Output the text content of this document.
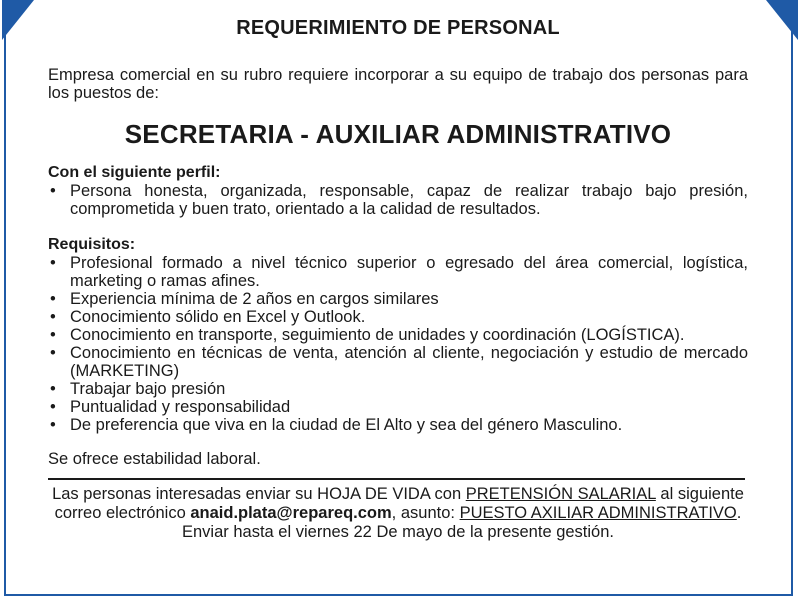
REQUERIMIENTO DE PERSONAL
Empresa comercial en su rubro requiere incorporar a su equipo de trabajo dos personas para los puestos de:
SECRETARIA - AUXILIAR ADMINISTRATIVO
Con el siguiente perfil:
• Persona honesta, organizada, responsable, capaz de realizar trabajo bajo presión, comprometida y buen trato, orientado a la calidad de resultados.
Requisitos:
• Profesional formado a nivel técnico superior o egresado del área comercial, logística, marketing o ramas afines.
• Experiencia mínima de 2 años en cargos similares
• Conocimiento sólido en Excel y Outlook.
• Conocimiento en transporte, seguimiento de unidades y coordinación (LOGÍSTICA).
• Conocimiento en técnicas de venta, atención al cliente, negociación y estudio de mercado (MARKETING)
• Trabajar bajo presión
• Puntualidad y responsabilidad
• De preferencia que viva en la ciudad de El Alto y sea del género Masculino.
Se ofrece estabilidad laboral.
Las personas interesadas enviar su HOJA DE VIDA con PRETENSIÓN SALARIAL al siguiente correo electrónico anaid.plata@repareq.com, asunto: PUESTO AXILIAR ADMINISTRATIVO. Enviar hasta el viernes 22 De mayo de la presente gestión.
